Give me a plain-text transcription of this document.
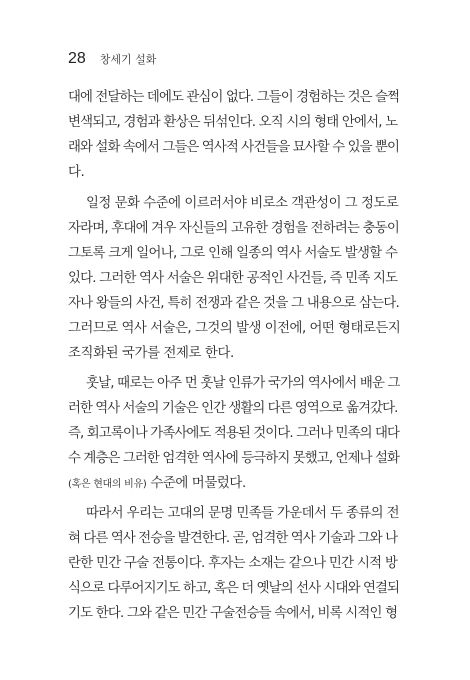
28 창세기 설화
대에 전달하는 데에도 관심이 없다. 그들이 경험하는 것은 슬쩍
변색되고, 경험과 환상은 뒤섞인다. 오직 시의 형태 안에서, 노
래와 설화 속에서 그들은 역사적 사건들을 묘사할 수 있을 뿐이
다.
일정 문화 수준에 이르러서야 비로소 객관성이 그 정도로
자라며, 후대에 겨우 자신들의 고유한 경험을 전하려는 충동이
그토록 크게 일어나, 그로 인해 일종의 역사 서술도 발생할 수
있다. 그러한 역사 서술은 위대한 공적인 사건들, 즉 민족 지도
자나 왕들의 사건, 특히 전쟁과 같은 것을 그 내용으로 삼는다.
그러므로 역사 서술은, 그것의 발생 이전에, 어떤 형태로든지
조직화된 국가를 전제로 한다.
훗날, 때로는 아주 먼 훗날 인류가 국가의 역사에서 배운 그
러한 역사 서술의 기술은 인간 생활의 다른 영역으로 옮겨갔다.
즉, 회고록이나 가족사에도 적용된 것이다. 그러나 민족의 대다
수 계층은 그러한 엄격한 역사에 등극하지 못했고, 언제나 설화
(혹은 현대의 비유) 수준에 머물렀다.
따라서 우리는 고대의 문명 민족들 가운데서 두 종류의 전
혀 다른 역사 전승을 발견한다. 곧, 엄격한 역사 기술과 그와 나
란한 민간 구술 전통이다. 후자는 소재는 같으나 민간 시적 방
식으로 다루어지기도 하고, 혹은 더 옛날의 선사 시대와 연결되
기도 한다. 그와 같은 민간 구술전승들 속에서, 비록 시적인 형
